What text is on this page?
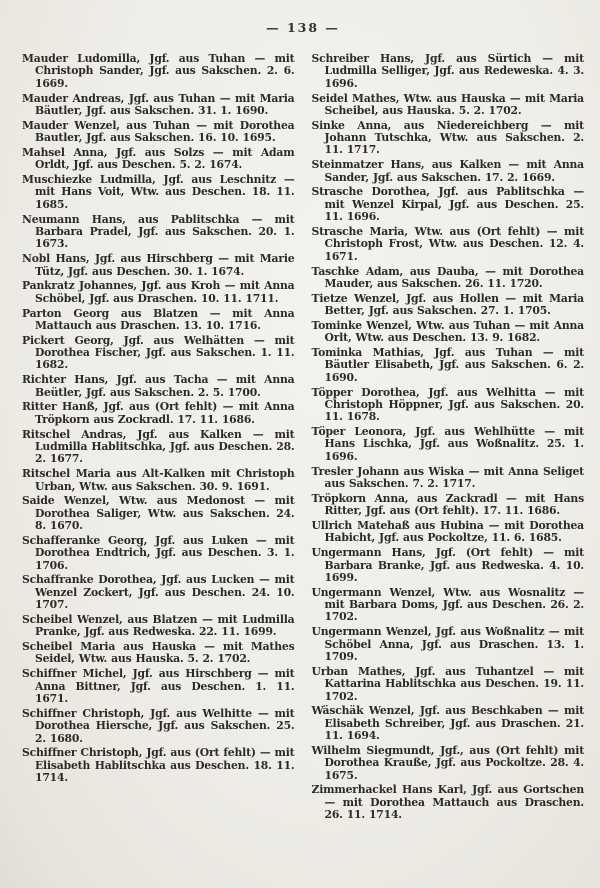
— 138 —

Mauder Ludomilla, Jgf. aus Tuhan — mit Christoph Sander, Jgf. aus Sakschen. 2. 6. 1669.

Mauder Andreas, Jgf. aus Tuhan — mit Maria Bäutler, Jgf. aus Sakschen. 31. 1. 1690.

Mauder Wenzel, aus Tuhan — mit Dorothea Bautler, Jgf. aus Sakschen. 16. 10. 1695.

Mahsel Anna, Jgf. aus Solzs — mit Adam Orldt, Jgf. aus Deschen. 5. 2. 1674.

Muschiezke Ludmilla, Jgf. aus Leschnitz — mit Hans Voit, Wtw. aus Deschen. 18. 11. 1685.

Neumann Hans, aus Pablitschka — mit Barbara Pradel, Jgf. aus Sakschen. 20. 1. 1673.

Nobl Hans, Jgf. aus Hirschberg — mit Marie Tütz, Jgf. aus Deschen. 30. 1. 1674.

Pankratz Johannes, Jgf. aus Kroh — mit Anna Schöbel, Jgf. aus Draschen. 10. 11. 1711.

Parton Georg aus Blatzen — mit Anna Mattauch aus Draschen. 13. 10. 1716.

Pickert Georg, Jgf. aus Welhätten — mit Dorothea Fischer, Jgf. aus Sakschen. 1. 11. 1682.

Richter Hans, Jgf. aus Tacha — mit Anna Beütler, Jgf. aus Sakschen. 2. 5. 1700.

Ritter Hanß, Jgf. aus (Ort fehlt) — mit Anna Tröpkorn aus Zockradl. 17. 11. 1686.

Ritschel Andras, Jgf. aus Kalken — mit Ludmilla Hablitschka, Jgf. aus Deschen. 28. 2. 1677.

Ritschel Maria aus Alt-Kalken mit Christoph Urban, Wtw. aus Sakschen. 30. 9. 1691.

Saide Wenzel, Wtw. aus Medonost — mit Dorothea Saliger, Wtw. aus Sakschen. 24. 8. 1670.

Schafferanke Georg, Jgf. aus Luken — mit Dorothea Endtrich, Jgf. aus Deschen. 3. 1. 1706.

Schaffranke Dorothea, Jgf. aus Lucken — mit Wenzel Zockert, Jgf. aus Deschen. 24. 10. 1707.

Scheibel Wenzel, aus Blatzen — mit Ludmilla Pranke, Jgf. aus Redweska. 22. 11. 1699.

Scheibel Maria aus Hauska — mit Mathes Seidel, Wtw. aus Hauska. 5. 2. 1702.

Schiffner Michel, Jgf. aus Hirschberg — mit Anna Bittner, Jgf. aus Deschen. 1. 11. 1671.

Schiffner Christoph, Jgf. aus Welhitte — mit Dorothea Hiersche, Jgf. aus Sakschen. 25. 2. 1680.

Schiffner Christoph, Jgf. aus (Ort fehlt) — mit Elisabeth Hablitschka aus Deschen. 18. 11. 1714.

Schreiber Hans, Jgf. aus Sürtich — mit Ludmilla Selliger, Jgf. aus Redeweska. 4. 3. 1696.

Seidel Mathes, Wtw. aus Hauska — mit Maria Scheibel, aus Hauska. 5. 2. 1702.

Sinke Anna, aus Niedereichberg — mit Johann Tutschka, Wtw. aus Sakschen. 2. 11. 1717.

Steinmatzer Hans, aus Kalken — mit Anna Sander, Jgf. aus Sakschen. 17. 2. 1669.

Strasche Dorothea, Jgf. aus Pablitschka — mit Wenzel Kirpal, Jgf. aus Deschen. 25. 11. 1696.

Strasche Maria, Wtw. aus (Ort fehlt) — mit Christoph Frost, Wtw. aus Deschen. 12. 4. 1671.

Taschke Adam, aus Dauba, — mit Dorothea Mauder, aus Sakschen. 26. 11. 1720.

Tietze Wenzel, Jgf. aus Hollen — mit Maria Better, Jgf. aus Sakschen. 27. 1. 1705.

Tominke Wenzel, Wtw. aus Tuhan — mit Anna Orlt, Wtw. aus Deschen. 13. 9. 1682.

Tominka Mathias, Jgf. aus Tuhan — mit Bäutler Elisabeth, Jgf. aus Sakschen. 6. 2. 1690.

Töpper Dorothea, Jgf. aus Welhitta — mit Christoph Höppner, Jgf. aus Sakschen. 20. 11. 1678.

Töper Leonora, Jgf. aus Wehlhütte — mit Hans Lischka, Jgf. aus Woßnalitz. 25. 1. 1696.

Tresler Johann aus Wiska — mit Anna Seliget aus Sakschen. 7. 2. 1717.

Tröpkorn Anna, aus Zackradl — mit Hans Ritter, Jgf. aus (Ort fehlt). 17. 11. 1686.

Ullrich Matehaß aus Hubina — mit Dorothea Habicht, Jgf. aus Pockoltze, 11. 6. 1685.

Ungermann Hans, Jgf. (Ort fehlt) — mit Barbara Branke, Jgf. aus Redweska. 4. 10. 1699.

Ungermann Wenzel, Wtw. aus Wosnalitz — mit Barbara Doms, Jgf. aus Deschen. 26. 2. 1702.

Ungermann Wenzel, Jgf. aus Woßnalitz — mit Schöbel Anna, Jgf. aus Draschen. 13. 1. 1709.

Urban Mathes, Jgf. aus Tuhantzel — mit Kattarina Hablitschka aus Deschen. 19. 11. 1702.

Wäschäk Wenzel, Jgf. aus Beschkaben — mit Elisabeth Schreiber, Jgf. aus Draschen. 21. 11. 1694.

Wilhelm Siegmundt, Jgf., aus (Ort fehlt) mit Dorothea Krauße, Jgf. aus Pockoltze. 28. 4. 1675.

Zimmerhackel Hans Karl, Jgf. aus Gortschen — mit Dorothea Mattauch aus Draschen. 26. 11. 1714.
